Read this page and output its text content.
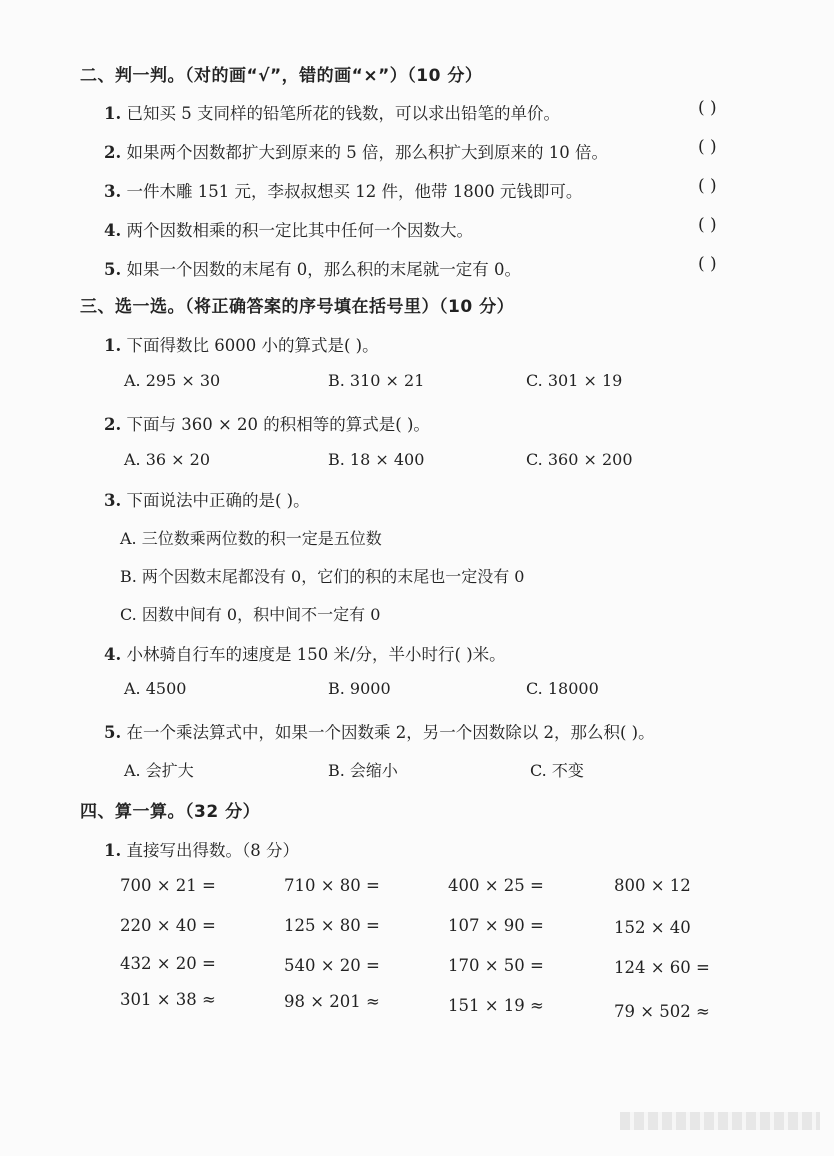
二、判一判。（对的画“√”，错的画“×”）（10 分）
1. 已知买 5 支同样的铅笔所花的钱数，可以求出铅笔的单价。	( )
2. 如果两个因数都扩大到原来的 5 倍，那么积扩大到原来的 10 倍。	( )
3. 一件木雕 151 元，李叔叔想买 12 件，他带 1800 元钱即可。	( )
4. 两个因数相乘的积一定比其中任何一个因数大。	( )
5. 如果一个因数的末尾有 0，那么积的末尾就一定有 0。	( )
三、选一选。（将正确答案的序号填在括号里）（10 分）
1. 下面得数比 6000 小的算式是( )。
A. 295 × 30	B. 310 × 21	C. 301 × 19
2. 下面与 360 × 20 的积相等的算式是( )。
A. 36 × 20	B. 18 × 400	C. 360 × 200
3. 下面说法中正确的是( )。
A. 三位数乘两位数的积一定是五位数
B. 两个因数末尾都没有 0，它们的积的末尾也一定没有 0
C. 因数中间有 0，积中间不一定有 0
4. 小林骑自行车的速度是 150 米/分，半小时行( )米。
A. 4500	B. 9000	C. 18000
5. 在一个乘法算式中，如果一个因数乘 2，另一个因数除以 2，那么积( )。
A. 会扩大	B. 会缩小	C. 不变
四、算一算。（32 分）
1. 直接写出得数。（8 分）
700 × 21 =	710 × 80 =	400 × 25 =	800 × 12
220 × 40 =	125 × 80 =	107 × 90 =	152 × 40
432 × 20 =	540 × 20 =	170 × 50 =	124 × 60 =
301 × 38 ≈	98 × 201 ≈	151 × 19 ≈	79 × 502 ≈
